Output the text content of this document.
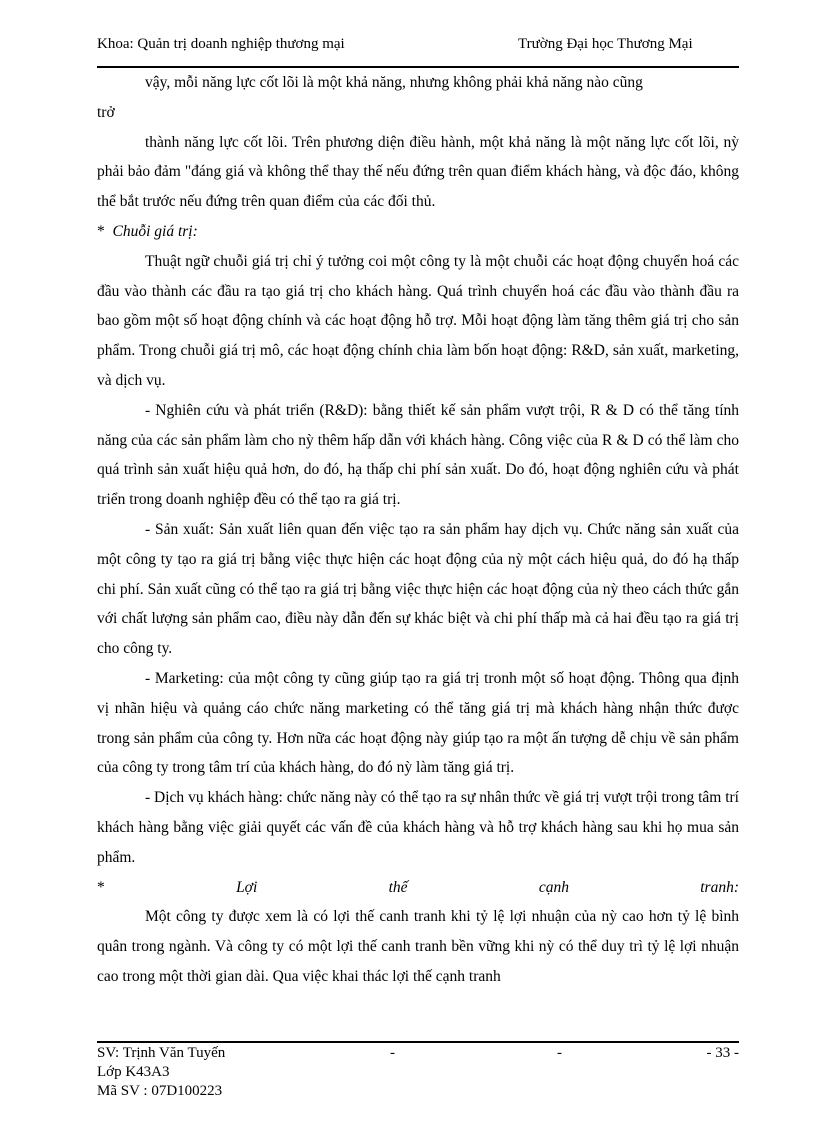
Khoa: Quản trị doanh nghiệp thương mại	Trường Đại học Thương Mại

vậy, mỗi năng lực cốt lõi là một khả năng, nhưng không phải khả năng nào cũng

trở

thành năng lực cốt lõi. Trên phương diện điều hành, một khả năng là một năng lực cốt lõi, nỳ phải bảo đảm "đáng giá và không thể thay thế nếu đứng trên quan điểm khách hàng, và độc đáo, không thể bắt trước nếu đứng trên quan điểm của các đối thủ.

* Chuỗi giá trị:

Thuật ngữ chuỗi giá trị chỉ ý tưởng coi một công ty là một chuỗi các hoạt động chuyển hoá các đầu vào thành các đầu ra tạo giá trị cho khách hàng. Quá trình chuyển hoá các đầu vào thành đầu ra bao gồm một số hoạt động chính và các hoạt động hỗ trợ. Mỗi hoạt động làm tăng thêm giá trị cho sản phẩm. Trong chuỗi giá trị mô, các hoạt động chính chia làm bốn hoạt động: R&D, sản xuất, marketing, và dịch vụ.

- Nghiên cứu và phát triển (R&D): bằng thiết kế sản phẩm vượt trội, R & D có thể tăng tính năng của các sản phẩm làm cho nỳ thêm hấp dẫn với khách hàng. Công việc của R & D có thể làm cho quá trình sản xuất hiệu quả hơn, do đó, hạ thấp chi phí sản xuất. Do đó, hoạt động nghiên cứu và phát triển trong doanh nghiệp đều có thể tạo ra giá trị.

- Sản xuất: Sản xuất liên quan đến việc tạo ra sản phẩm hay dịch vụ. Chức năng sản xuất của một công ty tạo ra giá trị bằng việc thực hiện các hoạt động của nỳ một cách hiệu quả, do đó hạ thấp chi phí. Sản xuất cũng có thể tạo ra giá trị bằng việc thực hiện các hoạt động của nỳ theo cách thức gắn với chất lượng sản phẩm cao, điều này dẫn đến sự khác biệt và chi phí thấp mà cả hai đều tạo ra giá trị cho công ty.

- Marketing: của một công ty cũng giúp tạo ra giá trị tronh một số hoạt động. Thông qua định vị nhãn hiệu và quảng cáo chức năng marketing có thể tăng giá trị mà khách hàng nhận thức được trong sản phẩm của công ty. Hơn nữa các hoạt động này giúp tạo ra một ấn tượng dễ chịu về sản phẩm của công ty trong tâm trí của khách hàng, do đó nỳ làm tăng giá trị.

- Dịch vụ khách hàng: chức năng này có thể tạo ra sự nhân thức về giá trị vượt trội trong tâm trí khách hàng bằng việc giải quyết các vấn đề của khách hàng và hỗ trợ khách hàng sau khi họ mua sản phẩm.

* Lợi thế cạnh tranh:

Một công ty được xem là có lợi thế canh tranh khi tỷ lệ lợi nhuận của nỳ cao hơn tỷ lệ bình quân trong ngành. Và công ty có một lợi thế canh tranh bền vững khi nỳ có thể duy trì tỷ lệ lợi nhuận cao trong một thời gian dài. Qua việc khai thác lợi thế cạnh tranh

SV: Trịnh Văn Tuyến	-	-	- 33 -
Lớp K43A3
Mã SV : 07D100223
